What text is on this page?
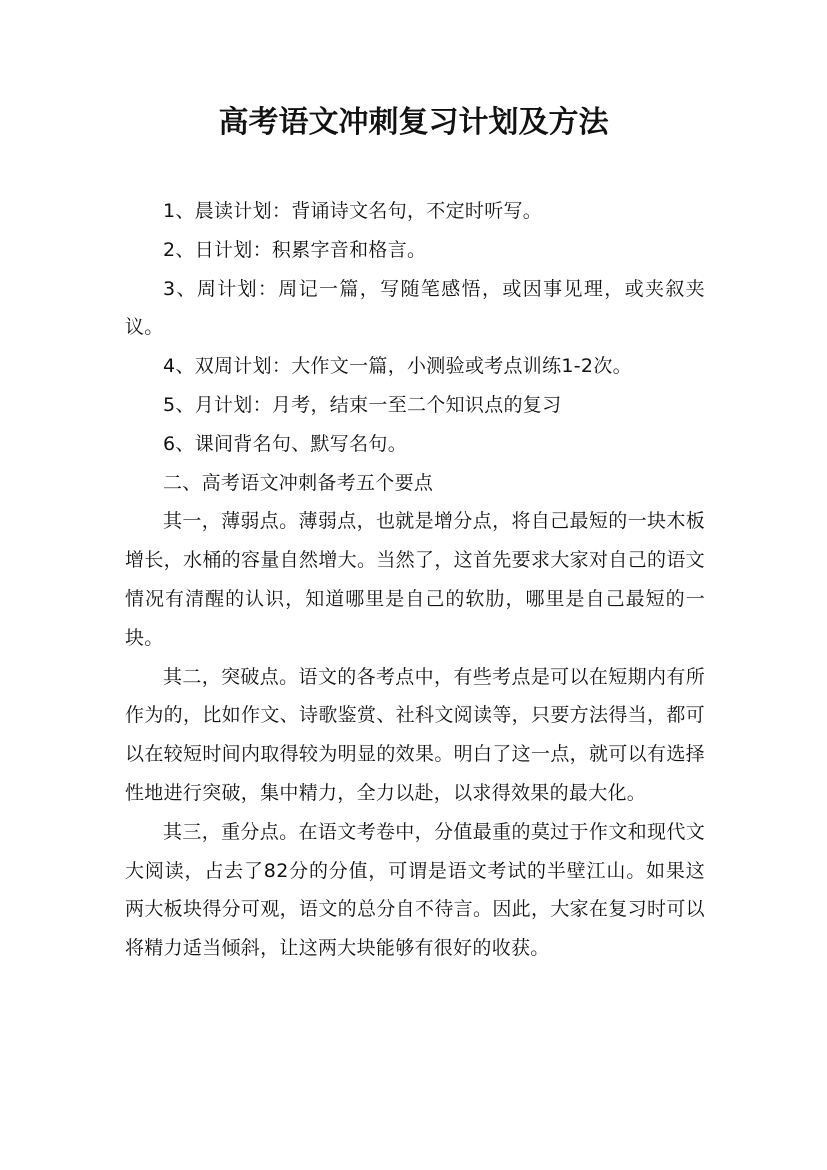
高考语文冲刺复习计划及方法

1、晨读计划：背诵诗文名句，不定时听写。

2、日计划：积累字音和格言。

3、周计划：周记一篇，写随笔感悟，或因事见理，或夹叙夹议。

4、双周计划：大作文一篇，小测验或考点训练1-2次。

5、月计划：月考，结束一至二个知识点的复习

6、课间背名句、默写名句。

二、高考语文冲刺备考五个要点

其一，薄弱点。薄弱点，也就是增分点，将自己最短的一块木板增长，水桶的容量自然增大。当然了，这首先要求大家对自己的语文情况有清醒的认识，知道哪里是自己的软肋，哪里是自己最短的一块。

其二，突破点。语文的各考点中，有些考点是可以在短期内有所作为的，比如作文、诗歌鉴赏、社科文阅读等，只要方法得当，都可以在较短时间内取得较为明显的效果。明白了这一点，就可以有选择性地进行突破，集中精力，全力以赴，以求得效果的最大化。

其三，重分点。在语文考卷中，分值最重的莫过于作文和现代文大阅读，占去了82分的分值，可谓是语文考试的半壁江山。如果这两大板块得分可观，语文的总分自不待言。因此，大家在复习时可以将精力适当倾斜，让这两大块能够有很好的收获。
